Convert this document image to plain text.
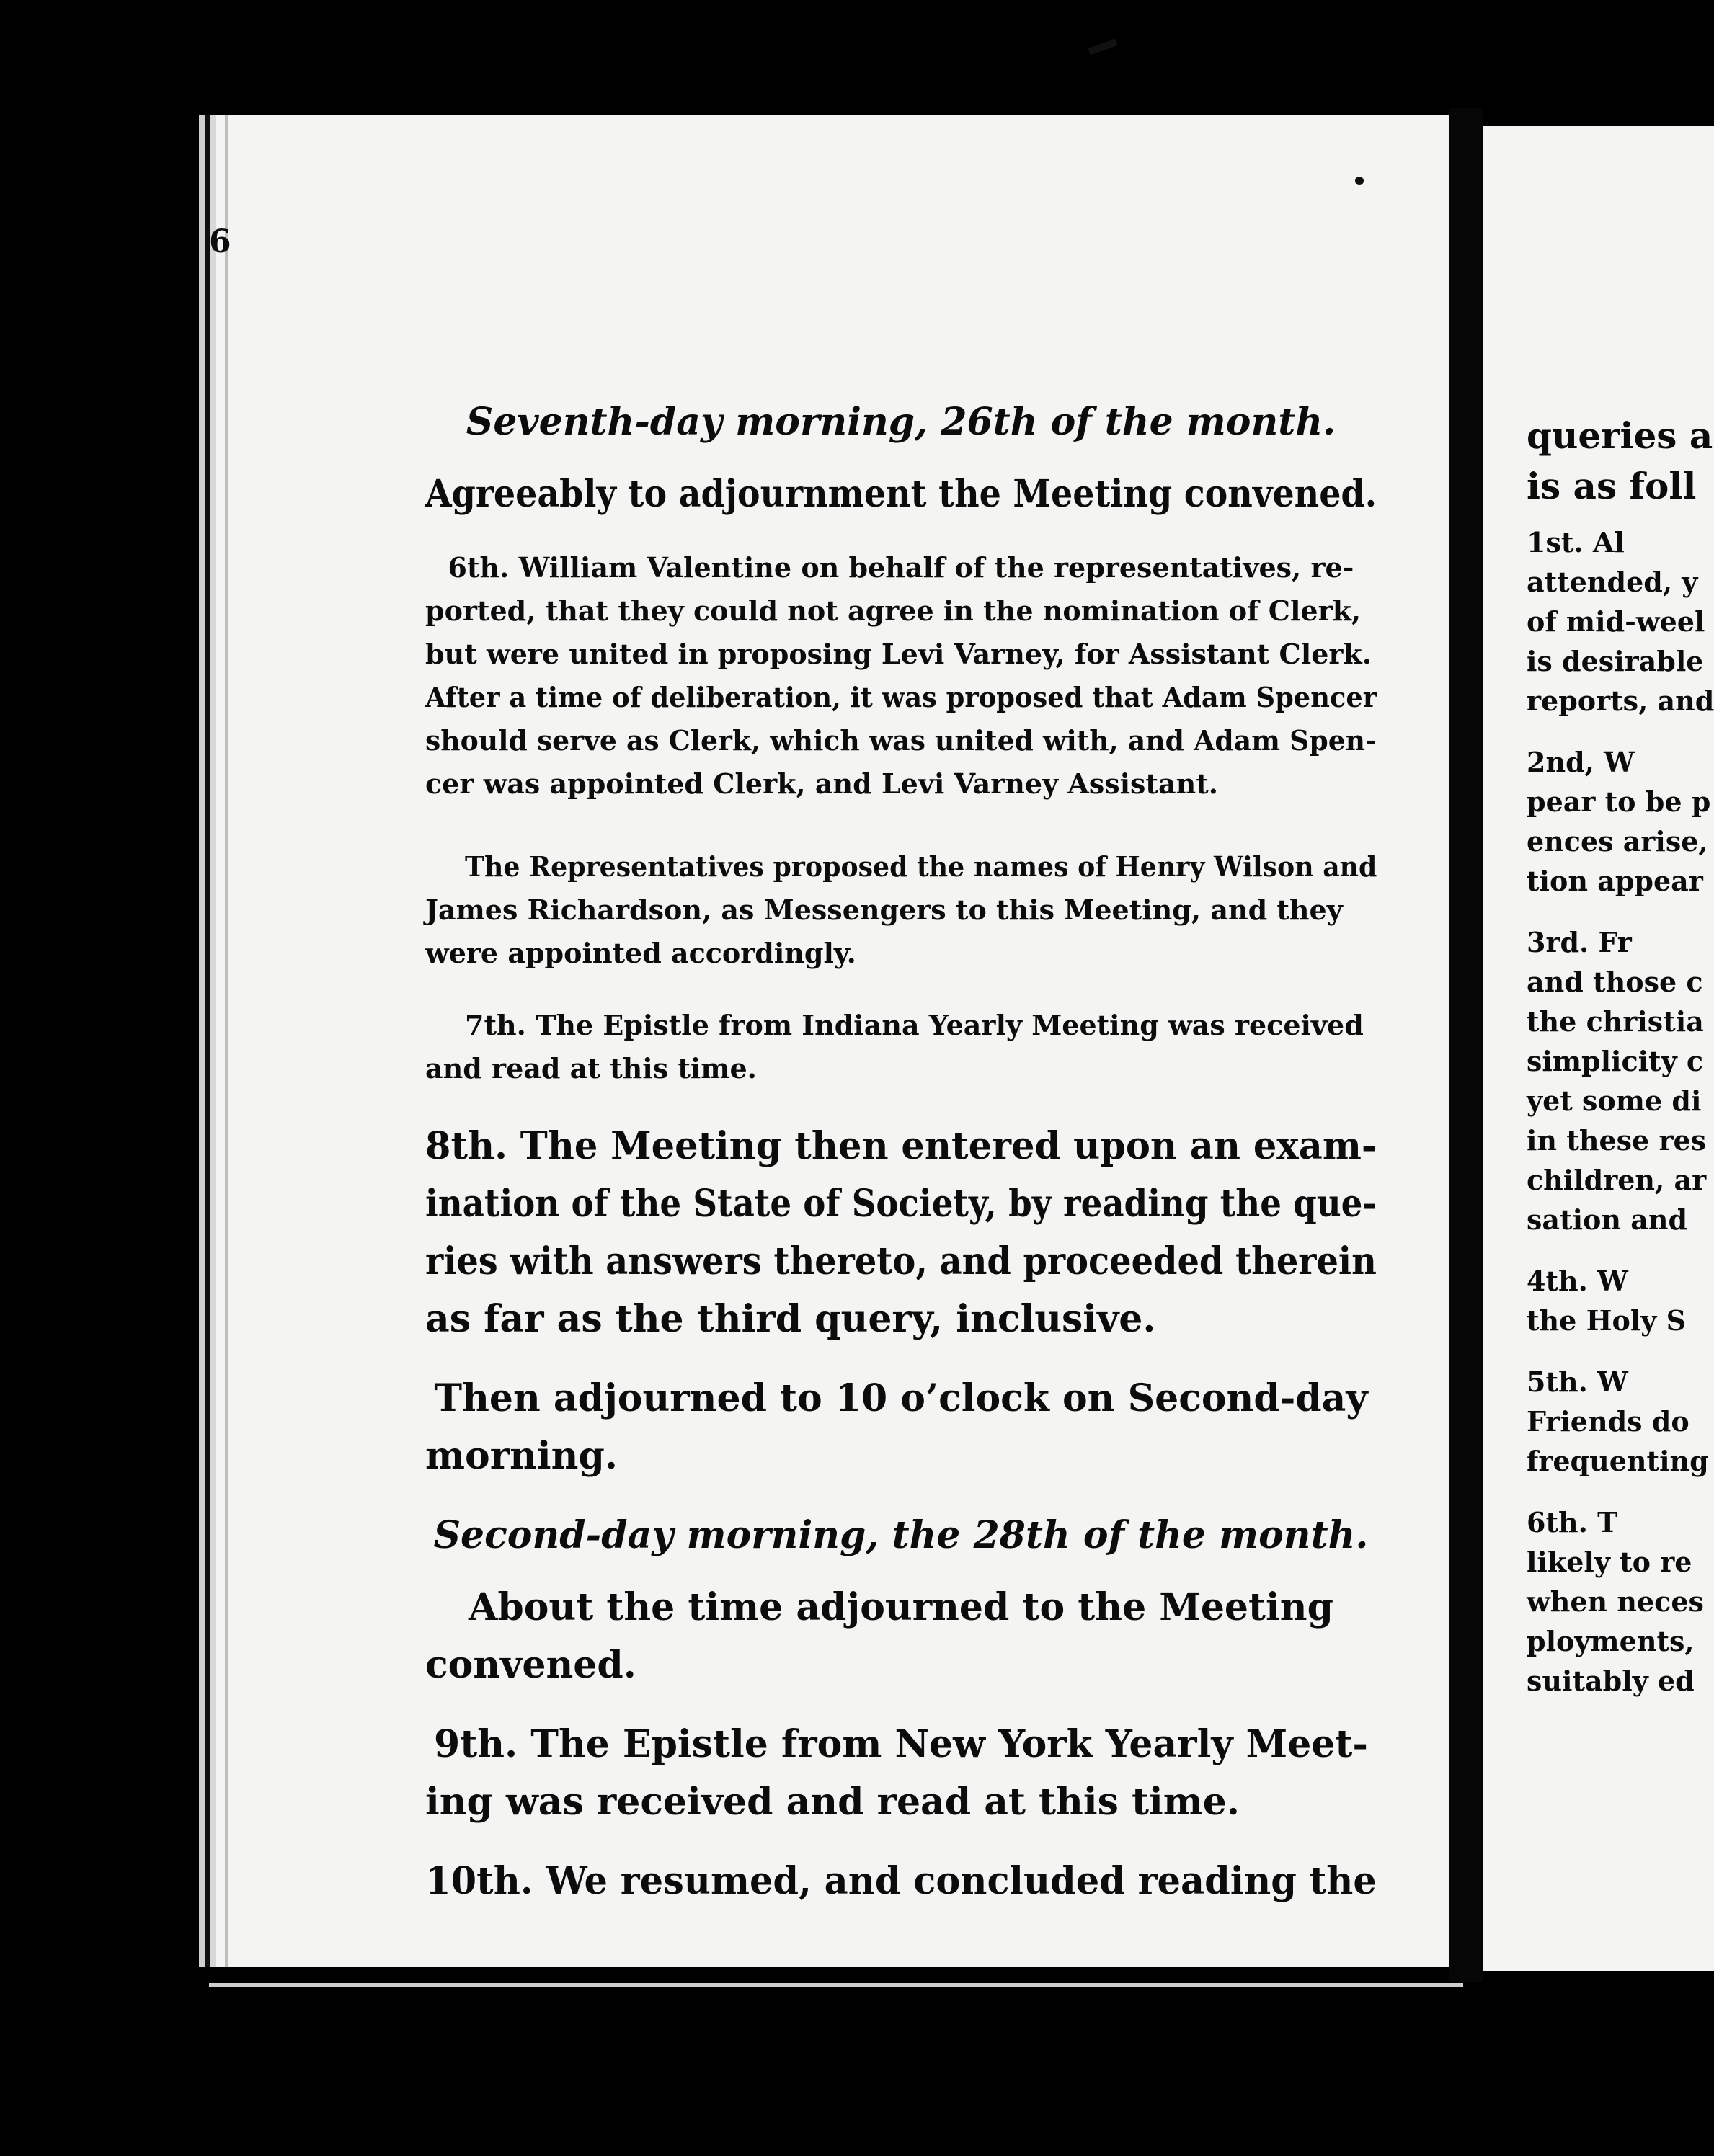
queries a
is as foll
1st. Al
attended, y
of mid-weel
is desirable
reports, and
2nd, W
pear to be p
ences arise,
tion appear
3rd. Fr
and those c
the christia
simplicity c
yet some di
in these res
children, ar
sation and
4th. W
the Holy S
5th. W
Friends do
frequenting
6th. T
likely to re
when neces
ployments,
suitably ed
6
Seventh-day morning, 26th of the month.
Agreeably to adjournment the Meeting convened.
6th. William Valentine on behalf of the representatives, re-
ported, that they could not agree in the nomination of Clerk,
but were united in proposing Levi Varney, for Assistant Clerk.
After a time of deliberation, it was proposed that Adam Spencer
should serve as Clerk, which was united with, and Adam Spen-
cer was appointed Clerk, and Levi Varney Assistant.
The Representatives proposed the names of Henry Wilson and
James Richardson, as Messengers to this Meeting, and they
were appointed accordingly.
7th. The Epistle from Indiana Yearly Meeting was received
and read at this time.
8th. The Meeting then entered upon an exam-
ination of the State of Society, by reading the que-
ries with answers thereto, and proceeded therein
as far as the third query, inclusive.
Then adjourned to 10 o’clock on Second-day
morning.
Second-day morning, the 28th of the month.
About the time adjourned to the Meeting
convened.
9th. The Epistle from New York Yearly Meet-
ing was received and read at this time.
10th. We resumed, and concluded reading the
